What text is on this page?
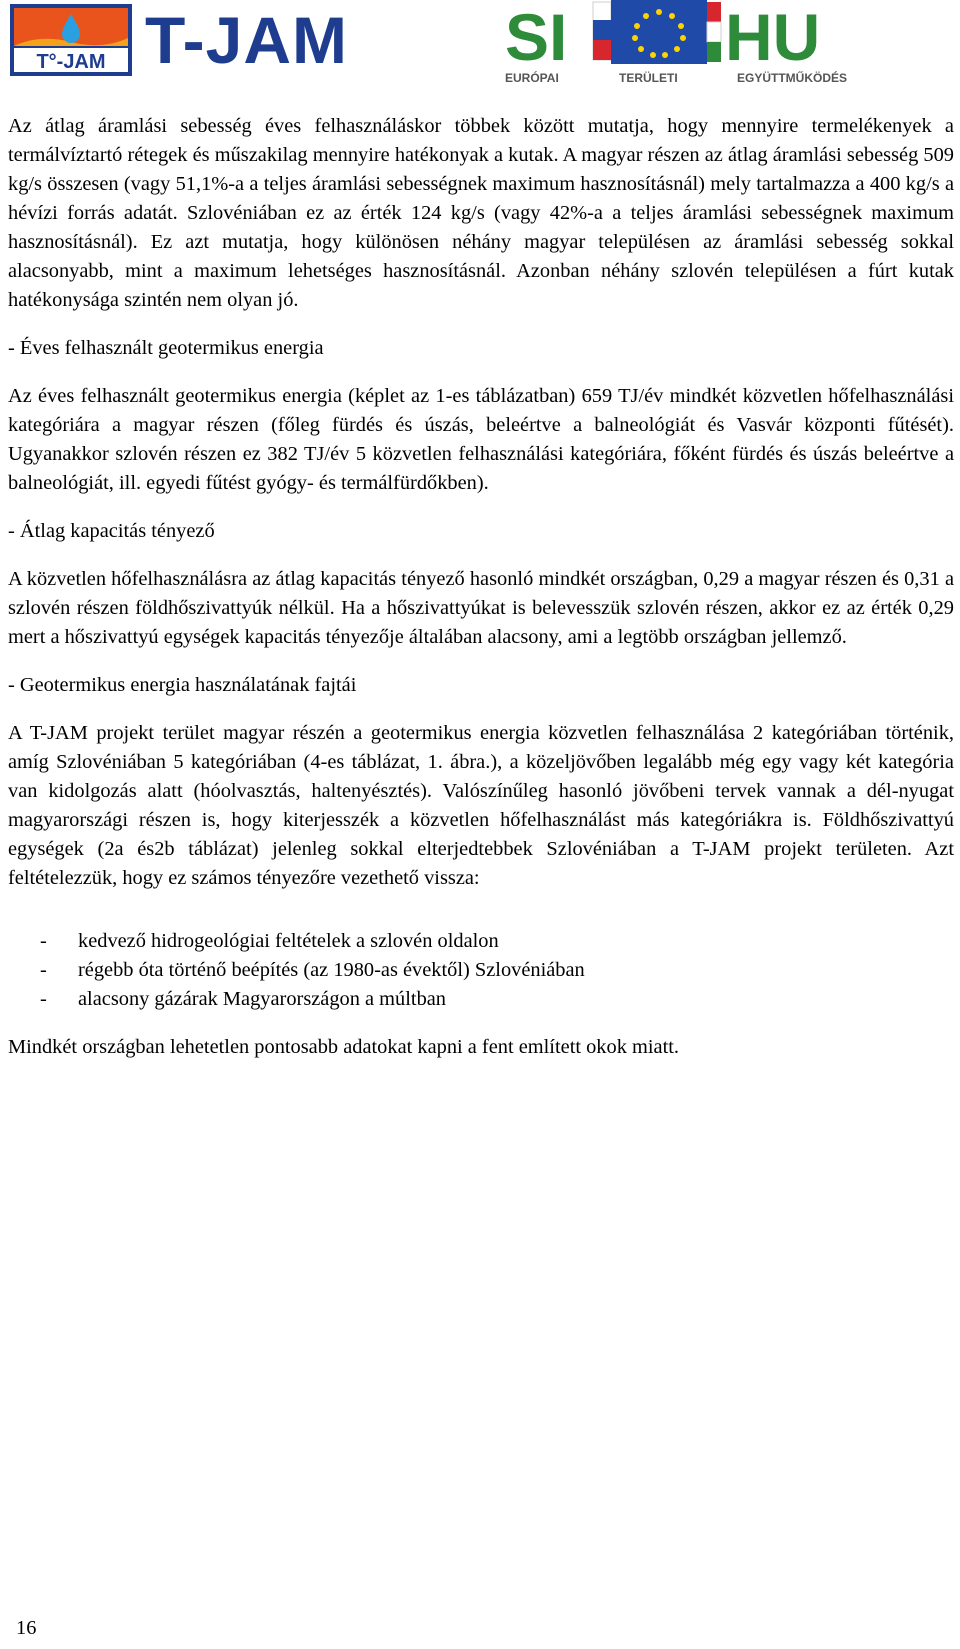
T°-JAM T-JAM SI HU
EURÓPAI	TERÜLETI	EGYÜTTMŰKÖDÉS

Az átlag áramlási sebesség éves felhasználáskor többek között mutatja, hogy mennyire termelékenyek a termálvíztartó rétegek és műszakilag mennyire hatékonyak a kutak. A magyar részen az átlag áramlási sebesség 509 kg/s összesen (vagy 51,1%-a a teljes áramlási sebességnek maximum hasznosításnál) mely tartalmazza a 400 kg/s a hévízi forrás adatát. Szlovéniában ez az érték 124 kg/s (vagy 42%-a a teljes áramlási sebességnek maximum hasznosításnál). Ez azt mutatja, hogy különösen néhány magyar településen az áramlási sebesség sokkal alacsonyabb, mint a maximum lehetséges hasznosításnál. Azonban néhány szlovén településen a fúrt kutak hatékonysága szintén nem olyan jó.

- Éves felhasznált geotermikus energia

Az éves felhasznált geotermikus energia (képlet az 1-es táblázatban) 659 TJ/év mindkét közvetlen hőfelhasználási kategóriára a magyar részen (főleg fürdés és úszás, beleértve a balneológiát és Vasvár központi fűtését). Ugyanakkor szlovén részen ez 382 TJ/év 5 közvetlen felhasználási kategóriára, főként fürdés és úszás beleértve a balneológiát, ill. egyedi fűtést gyógy- és termálfürdőkben).

- Átlag kapacitás tényező

A közvetlen hőfelhasználásra az átlag kapacitás tényező hasonló mindkét országban, 0,29 a magyar részen és 0,31 a szlovén részen földhőszivattyúk nélkül. Ha a hőszivattyúkat is belevesszük szlovén részen, akkor ez az érték 0,29 mert a hőszivattyú egységek kapacitás tényezője általában alacsony, ami a legtöbb országban jellemző.

- Geotermikus energia használatának fajtái

A T-JAM projekt terület magyar részén a geotermikus energia közvetlen felhasználása 2 kategóriában történik, amíg Szlovéniában 5 kategóriában (4-es táblázat, 1. ábra.), a közeljövőben legalább még egy vagy két kategória van kidolgozás alatt (hóolvasztás, haltenyésztés). Valószínűleg hasonló jövőbeni tervek vannak a dél-nyugat magyarországi részen is, hogy kiterjesszék a közvetlen hőfelhasználást más kategóriákra is. Földhőszivattyú egységek (2a és2b táblázat) jelenleg sokkal elterjedtebbek Szlovéniában a T-JAM projekt területen. Azt feltételezzük, hogy ez számos tényezőre vezethető vissza:

- kedvező hidrogeológiai feltételek a szlovén oldalon
- régebb óta történő beépítés (az 1980-as évektől) Szlovéniában
- alacsony gázárak Magyarországon a múltban

Mindkét országban lehetetlen pontosabb adatokat kapni a fent említett okok miatt.

16
